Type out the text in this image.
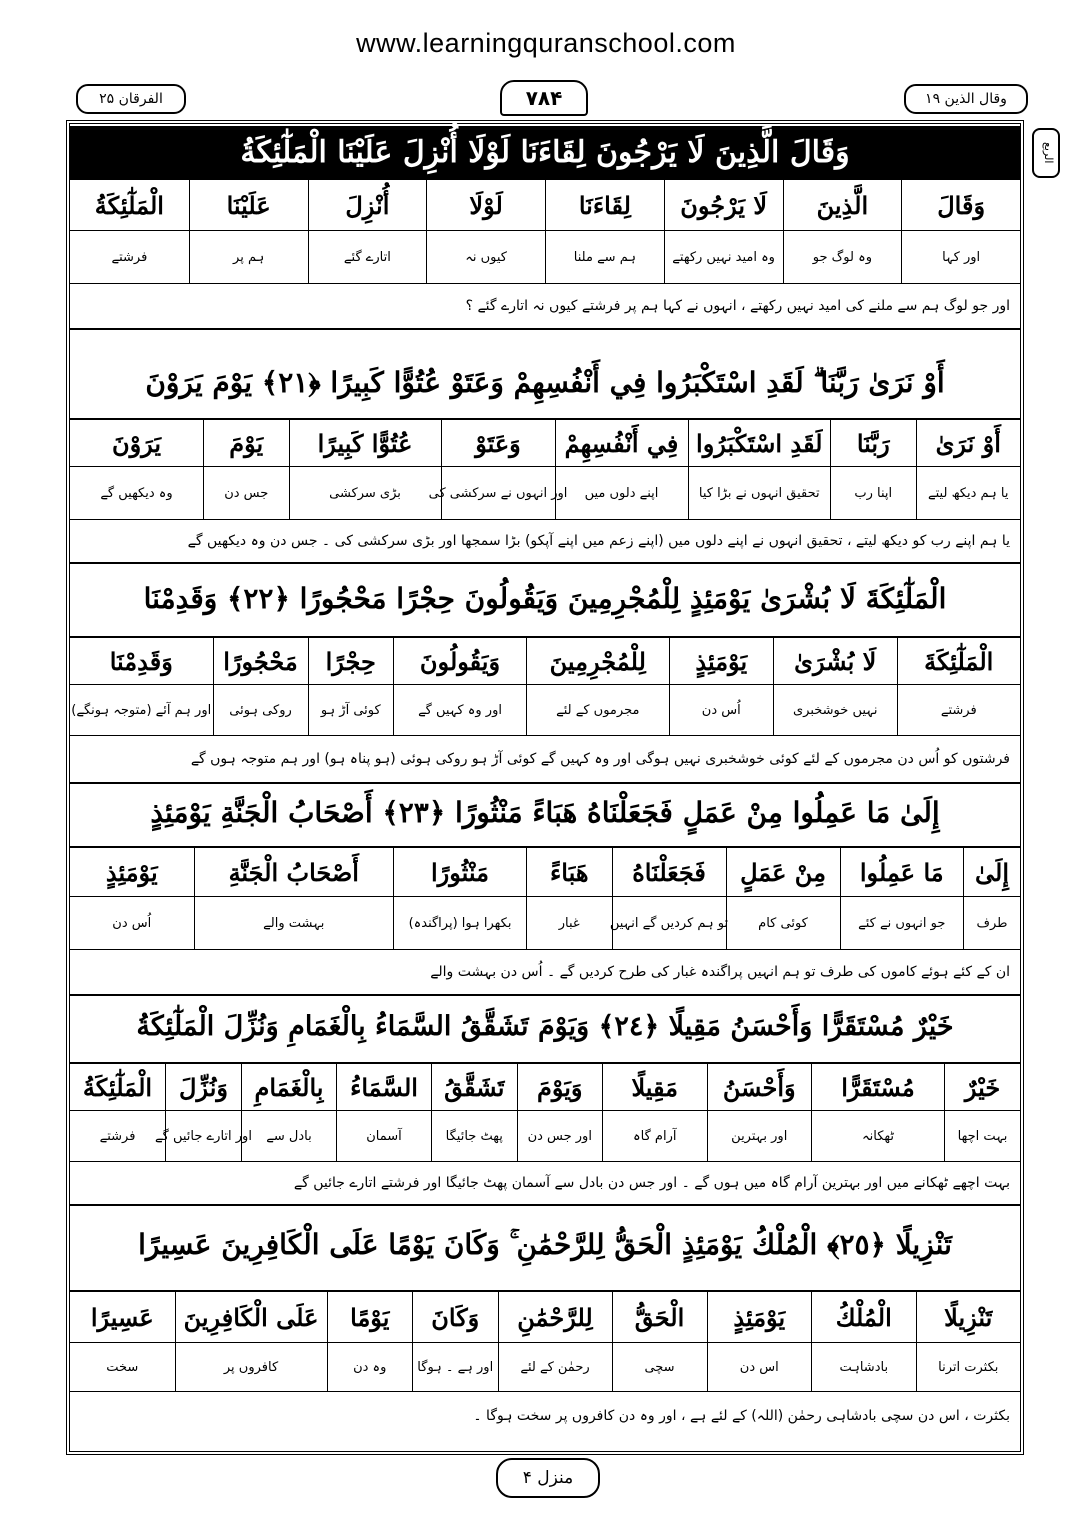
www.learningquranschool.com
الفرقان ۲۵	۷۸۴	وقال الذین ۱۹
الربع
وَقَالَ الَّذِينَ لَا يَرْجُونَ لِقَاءَنَا لَوْلَا أُنْزِلَ عَلَيْنَا الْمَلٰٓئِكَةُ
وَقَالَ
الَّذِينَ
لَا يَرْجُونَ
لِقَاءَنَا
لَوْلَا
أُنْزِلَ
عَلَيْنَا
الْمَلٰٓئِكَةُ
اور کہا
وہ لوگ جو
وہ امید نہیں رکھتے
ہم سے ملنا
کیوں نہ
اتارے گئے
ہم پر
فرشتے
اور جو لوگ ہم سے ملنے کی امید نہیں رکھتے ، انہوں نے کہا ہم پر فرشتے کیوں نہ اتارے گئے ؟
أَوْ نَرَىٰ رَبَّنَا ۗ لَقَدِ اسْتَكْبَرُوا فِي أَنْفُسِهِمْ وَعَتَوْ عُتُوًّا كَبِيرًا ﴿٢١﴾ يَوْمَ يَرَوْنَ
أَوْ نَرَىٰ
رَبَّنَا
لَقَدِ اسْتَكْبَرُوا
فِي أَنْفُسِهِمْ
وَعَتَوْ
عُتُوًّا كَبِيرًا
يَوْمَ
يَرَوْنَ
یا ہم دیکھ لیتے
اپنا رب
تحقیق انہوں نے بڑا کیا
اپنے دلوں میں
اور انہوں نے سرکشی کی
بڑی سرکشی
جس دن
وہ دیکھیں گے
یا ہم اپنے رب کو دیکھ لیتے ، تحقیق انہوں نے اپنے دلوں میں (اپنے زعم میں اپنے آپکو) بڑا سمجھا اور بڑی سرکشی کی ۔ جس دن وہ دیکھیں گے
الْمَلٰٓئِكَةَ لَا بُشْرَىٰ يَوْمَئِذٍ لِلْمُجْرِمِينَ وَيَقُولُونَ حِجْرًا مَحْجُورًا ﴿٢٢﴾ وَقَدِمْنَا
الْمَلٰٓئِكَةَ
لَا بُشْرَىٰ
يَوْمَئِذٍ
لِلْمُجْرِمِينَ
وَيَقُولُونَ
حِجْرًا
مَحْجُورًا
وَقَدِمْنَا
فرشتے
نہیں خوشخبری
اُس دن
مجرموں کے لئے
اور وہ کہیں گے
کوئی آڑ ہو
روکی ہوئی
اور ہم آئے (متوجہ ہونگے)
فرشتوں کو اُس دن مجرموں کے لئے کوئی خوشخبری نہیں ہوگی اور وہ کہیں گے کوئی آڑ ہو روکی ہوئی (ہو پناہ ہو) اور ہم متوجہ ہوں گے
إِلَىٰ مَا عَمِلُوا مِنْ عَمَلٍ فَجَعَلْنَاهُ هَبَاءً مَنْثُورًا ﴿٢٣﴾ أَصْحَابُ الْجَنَّةِ يَوْمَئِذٍ
إِلَىٰ
مَا عَمِلُوا
مِنْ عَمَلٍ
فَجَعَلْنَاهُ
هَبَاءً
مَنْثُورًا
أَصْحَابُ الْجَنَّةِ
يَوْمَئِذٍ
طرف
جو انہوں نے کئے
کوئی کام
تو ہم کردیں گے انہیں
غبار
بکھرا ہوا (پراگندہ)
بہشت والے
اُس دن
ان کے کئے ہوئے کاموں کی طرف تو ہم انہیں پراگندہ غبار کی طرح کردیں گے ۔ اُس دن بہشت والے
خَيْرٌ مُسْتَقَرًّا وَأَحْسَنُ مَقِيلًا ﴿٢٤﴾ وَيَوْمَ تَشَقَّقُ السَّمَاءُ بِالْغَمَامِ وَنُزِّلَ الْمَلٰٓئِكَةُ
خَيْرٌ
مُسْتَقَرًّا
وَأَحْسَنُ
مَقِيلًا
وَيَوْمَ
تَشَقَّقُ
السَّمَاءُ
بِالْغَمَامِ
وَنُزِّلَ
الْمَلٰٓئِكَةُ
بہت اچھا
ٹھکانہ
اور بہترین
آرام گاہ
اور جس دن
پھٹ جائیگا
آسمان
بادل سے
اور اتارے جائیں گے
فرشتے
بہت اچھے ٹھکانے میں اور بہترین آرام گاہ میں ہوں گے ۔ اور جس دن بادل سے آسمان پھٹ جائیگا اور فرشتے اتارے جائیں گے
تَنْزِيلًا ﴿٢٥﴾ الْمُلْكُ يَوْمَئِذٍ الْحَقُّ لِلرَّحْمَٰنِ ۚ وَكَانَ يَوْمًا عَلَى الْكَافِرِينَ عَسِيرًا
تَنْزِيلًا
الْمُلْكُ
يَوْمَئِذٍ
الْحَقُّ
لِلرَّحْمَٰنِ
وَكَانَ
يَوْمًا
عَلَى الْكَافِرِينَ
عَسِيرًا
بکثرت اترنا
بادشاہت
اس دن
سچی
رحمٰن کے لئے
اور ہے ۔ ہوگا
وہ دن
کافروں پر
سخت
بکثرت ، اس دن سچی بادشاہی رحمٰن (اللہ) کے لئے ہے ، اور وہ دن کافروں پر سخت ہوگا ۔
منزل ۴
